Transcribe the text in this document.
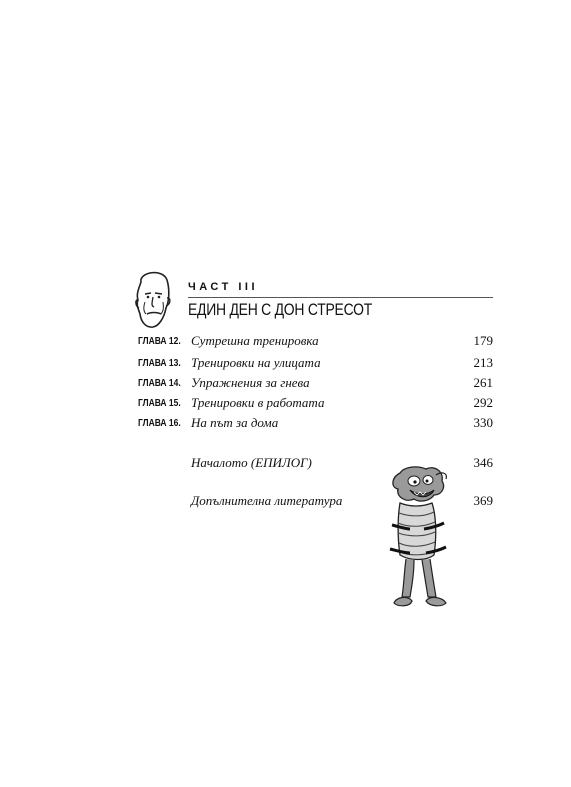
ЧАСТ III
ЕДИН ДЕН С ДОН СТРЕСОТ
ГЛАВА 12. Сутрешна тренировка	179
ГЛАВА 13. Тренировки на улицата	213
ГЛАВА 14. Упражнения за гнева	261
ГЛАВА 15. Тренировки в работата	292
ГЛАВА 16. На път за дома	330
Началото (ЕПИЛОГ)	346
Допълнителна литература	369
